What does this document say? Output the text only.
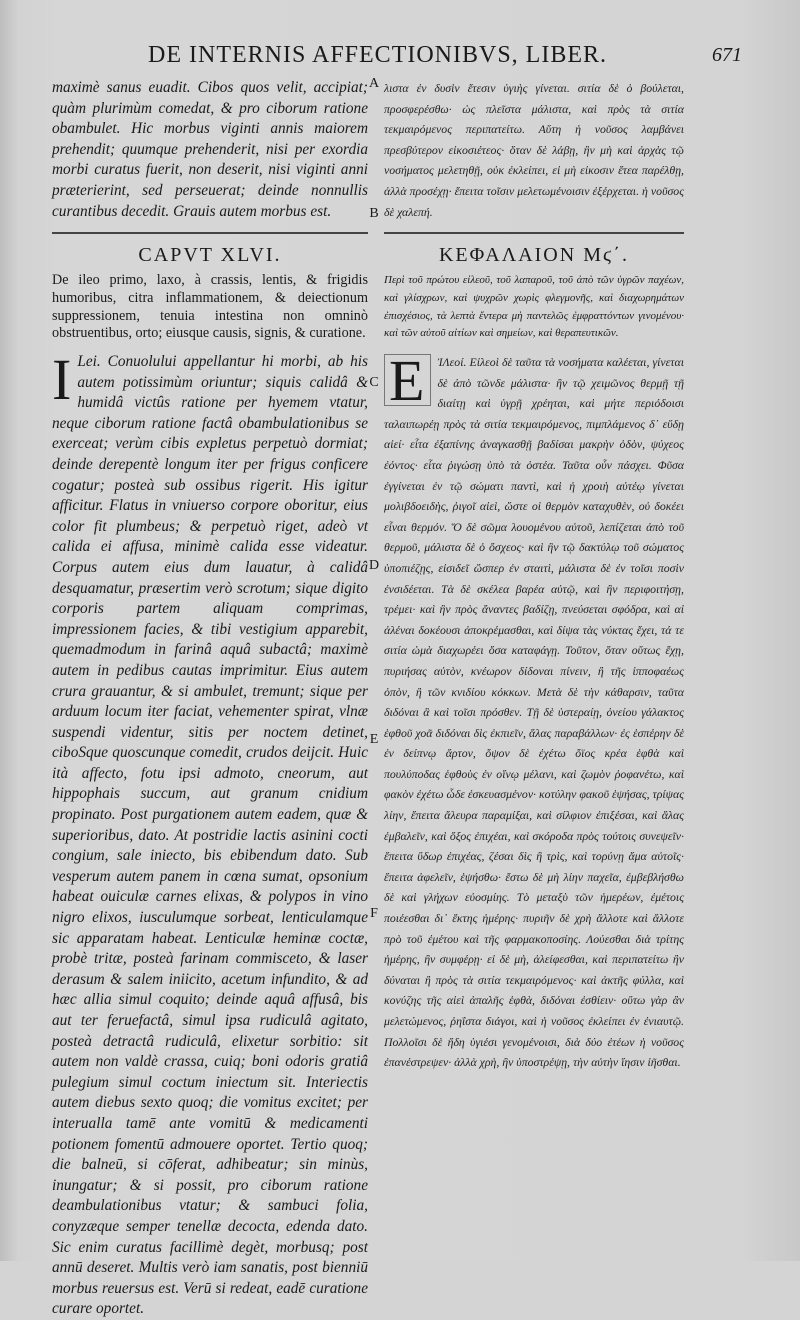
DE INTERNIS AFFECTIONIBVS, LIBER.	671

maximè sanus euadit. Cibos quos velit, accipiat; quàm plurimùm comedat, & pro ciborum ratione obambulet. Hic morbus viginti annis maiorem prehendit; quumque prehenderit, nisi per exordia morbi curatus fuerit, non deserit, nisi viginti anni præterierint, sed perseuerat; deinde nonnullis curantibus decedit. Grauis autem morbus est.

λιστα ἐν δυσὶν ἔτεσιν ὑγιὴς γίνεται. σιτία δὲ ὁ βούλεται, προσφερέσθω· ὡς πλεῖστα μάλιστα, καὶ πρὸς τὰ σιτία τεκμαιρόμενος περιπατείτω. Αὕτη ἡ νοῦσος λαμβάνει πρεσβύτερον εἰκοσιέτεος· ὅταν δὲ λάβῃ, ἢν μὴ καὶ ἀρχὰς τῷ νοσήματος μελετηθῇ, οὐκ ἐκλείπει, εἰ μὴ εἰκοσιν ἔτεα παρέλθῃ, ἀλλὰ προσέχῃ· ἔπειτα τοῖσιν μελετωμένοισιν ἐξέρχεται. ἡ νοῦσος δὲ χαλεπή.

A
B
C
D
E
F
CAPVT XLVI.	ΚΕΦΑΛΑΙΟΝ Μϛ΄.

De ileo primo, laxo, à crassis, lentis, & frigidis humoribus, citra inflammationem, & deiectionum suppressionem, tenuia intestina non omninò obstruentibus, orto; eiusque causis, signis, & curatione.

Περὶ τοῦ πρώτου εἰλεοῦ, τοῦ λαπαροῦ, τοῦ ἀπὸ τῶν ὑγρῶν παχέων, καὶ γλίσχρων, καὶ ψυχρῶν χωρὶς φλεγμονῆς, καὶ διαχωρημάτων ἐπισχέσιος, τὰ λεπτὰ ἔντερα μὴ παντελῶς ἐμφραττόντων γινομένου· καὶ τῶν αὐτοῦ αἰτίων καὶ σημείων, καὶ θεραπευτικῶν.

I Lei. Conuolului appellantur hi morbi, ab his autem potissimùm oriuntur; siquis calidâ & humidâ victûs ratione per hyemem vtatur, neque ciborum ratione factâ obambulationibus se exerceat; verùm cibis expletus perpetuò dormiat; deinde derepentè longum iter per frigus conficere cogatur; posteà sub ossibus rigerit. His igitur afficitur. Flatus in vniuerso corpore oboritur, eius color fit plumbeus; & perpetuò riget, adeò vt calida ei affusa, minimè calida esse videatur. Corpus autem eius dum lauatur, à calidâ desquamatur, præsertim verò scrotum; sique digito corporis partem aliquam comprimas, impressionem facies, & tibi vestigium apparebit, quemadmodum in farinâ aquâ subactâ; maximè autem in pedibus cautas imprimitur. Eius autem crura grauantur, & si ambulet, tremunt; sique per arduum locum iter faciat, vehementer spirat, vlnæ suspendi videntur, sitis per noctem detinet, ciboSque quoscunque comedit, crudos deijcit. Huic ità affecto, fotu ipsi admoto, cneorum, aut hippophais succum, aut granum cnidium propinato. Post purgationem autem eadem, quæ & superioribus, dato. At postridie lactis asinini cocti congium, sale iniecto, bis ebibendum dato. Sub vesperum autem panem in cœna sumat, opsonium habeat ouiculæ carnes elixas, & polypos in vino nigro elixos, iusculumque sorbeat, lenticulamque sic apparatam habeat. Lenticulæ heminæ coctæ, probè tritæ, posteà farinam commisceto, & laser derasum & salem iniicito, acetum infundito, & ad hæc allia simul coquito; deinde aquâ affusâ, bis aut ter feruefactâ, simul ipsa rudiculâ agitato, posteà detractâ rudiculâ, elixetur sorbitio: sit autem non valdè crassa, cuiq; boni odoris gratiâ pulegium simul coctum iniectum sit. Interiectis autem diebus sexto quoq; die vomitus excitet; per interualla tamē ante vomitū & medicamenti potionem fomentū admouere oportet. Tertio quoq; die balneū, si cōferat, adhibeatur; sin minùs, inungatur; & si possit, pro ciborum ratione deambulationibus vtatur; & sambuci folia, conyzæque semper tenellæ decocta, edenda dato. Sic enim curatus facillimè degèt, morbusq; post annū deseret. Multis verò iam sanatis, post bienniū morbus reuersus est. Verū si redeat, eadē curatione curare oportet.

Ε	ἸΛεοί. Εἰλεοὶ δὲ ταῦτα τὰ νοσήματα καλέεται, γίνεται δὲ ἀπὸ τῶνδε μάλιστα· ἢν τῷ χειμῶνος θερμῇ τῇ διαίτῃ καὶ ὑγρῇ χρέηται, καὶ μήτε περιόδοισι ταλαιπωρέῃ πρὸς τὰ σιτία τεκμαιρόμενος, πιμπλάμενος δ᾽ εὕδῃ αἰεί· εἶτα ἐξαπίνης ἀναγκασθῇ βαδίσαι μακρὴν ὁδὸν, ψύχεος ἐόντος· εἶτα ῥιγώσῃ ὑπὸ τὰ ὀστέα. Ταῦτα οὖν πάσχει. Φῦσα ἐγγίνεται ἐν τῷ σώματι παντὶ, καὶ ἡ χροιὴ αὐτέῳ γίνεται μολιβδοειδὴς, ῥιγοῖ αἰεὶ, ὥστε οἱ θερμὸν καταχυθὲν, οὐ δοκέει εἶναι θερμόν. Ὅ δὲ σῶμα λουομένου αὐτοῦ, λεπίζεται ἀπὸ τοῦ θερμοῦ, μάλιστα δὲ ὁ ὄσχεος· καὶ ἢν τῷ δακτύλῳ τοῦ σώματος ὑποπιέζῃς, εἰσιδεῖ ὥσπερ ἐν σταιτὶ, μάλιστα δὲ ἐν τοῖσι ποσὶν ἐνσιδέεται. Τὰ δὲ σκέλεα βαρέα αὐτῷ, καὶ ἢν περιφοιτήσῃ, τρέμει· καὶ ἢν πρὸς ἄναντες βαδίζῃ, πνεύσεται σφόδρα, καὶ αἱ ἀλέναι δοκέουσι ἀποκρέμασθαι, καὶ δίψα τὰς νύκτας ἔχει, τά τε σιτία ὠμὰ διαχωρέει ὅσα καταφάγῃ. Τοῦτον, ὅταν οὕτως ἔχῃ, πυριήσας αὐτὸν, κνέωρον δίδοναι πίνειν, ἢ τῆς ἱπποφαέως ὀπὸν, ἢ τῶν κνιδίου κόκκων. Μετὰ δὲ τὴν κάθαρσιν, ταῦτα διδόναι ἃ καὶ τοῖσι πρόσθεν. Τῇ δὲ ὑστεραίῃ, ὀνείου γάλακτος ἑφθοῦ χοᾶ διδόναι δὶς ἐκπιεῖν, ἅλας παραβάλλων· ἐς ἑσπέρην δὲ ἐν δείπνῳ ἄρτον, ὄψον δὲ ἐχέτω ὄϊος κρέα ἑφθὰ καὶ πουλύποδας ἑφθοὺς ἐν οἴνῳ μέλανι, καὶ ζωμὸν ῥοφανέτω, καὶ φακὸν ἐχέτω ὧδε ἐσκευασμένον· κοτύλην φακοῦ ἑψήσας, τρίψας λίην, ἔπειτα ἄλευρα παραμίξαι, καὶ σίλφιον ἐπιξέσαι, καὶ ἅλας ἐμβαλεῖν, καὶ ὄξος ἐπιχέαι, καὶ σκόροδα πρὸς τούτοις συνεψεῖν· ἔπειτα ὕδωρ ἐπιχέας, ζέσαι δὶς ἢ τρὶς, καὶ τορύνῃ ἅμα αὐτοῖς· ἔπειτα ἀφελεῖν, ἑψήσθω· ἔστω δὲ μὴ λίην παχεῖα, ἐμβεβλήσθω δὲ καὶ γλήχων εὐοσμίης. Τὸ μεταξὺ τῶν ἡμερέων, ἐμέτοις ποιέεσθαι δι᾽ ἕκτης ἡμέρης· πυριῆν δὲ χρὴ ἄλλοτε καὶ ἄλλοτε πρὸ τοῦ ἐμέτου καὶ τῆς φαρμακοποσίης. Λούεσθαι διὰ τρίτης ἡμέρης, ἢν συμφέρῃ· εἰ δὲ μὴ, ἀλείφεσθαι, καὶ περιπατείτω ἢν δύναται ἢ πρὸς τὰ σιτία τεκμαιρόμενος· καὶ ἀκτῆς φύλλα, καὶ κονύζης τῆς αἰεὶ ἁπαλῆς ἑφθὰ, διδόναι ἐσθίειν· οὕτω γὰρ ἂν μελετώμενος, ῥηΐστα διάγοι, καὶ ἡ νοῦσος ἐκλείπει ἐν ἐνιαυτῷ. Πολλοῖσι δὲ ἤδη ὑγιέσι γενομένοισι, διὰ δύο ἐτέων ἡ νοῦσος ἐπανέστρεψεν· ἀλλὰ χρὴ, ἢν ὑποστρέψῃ, τὴν αὐτὴν ἴησιν ἰῆσθαι.
